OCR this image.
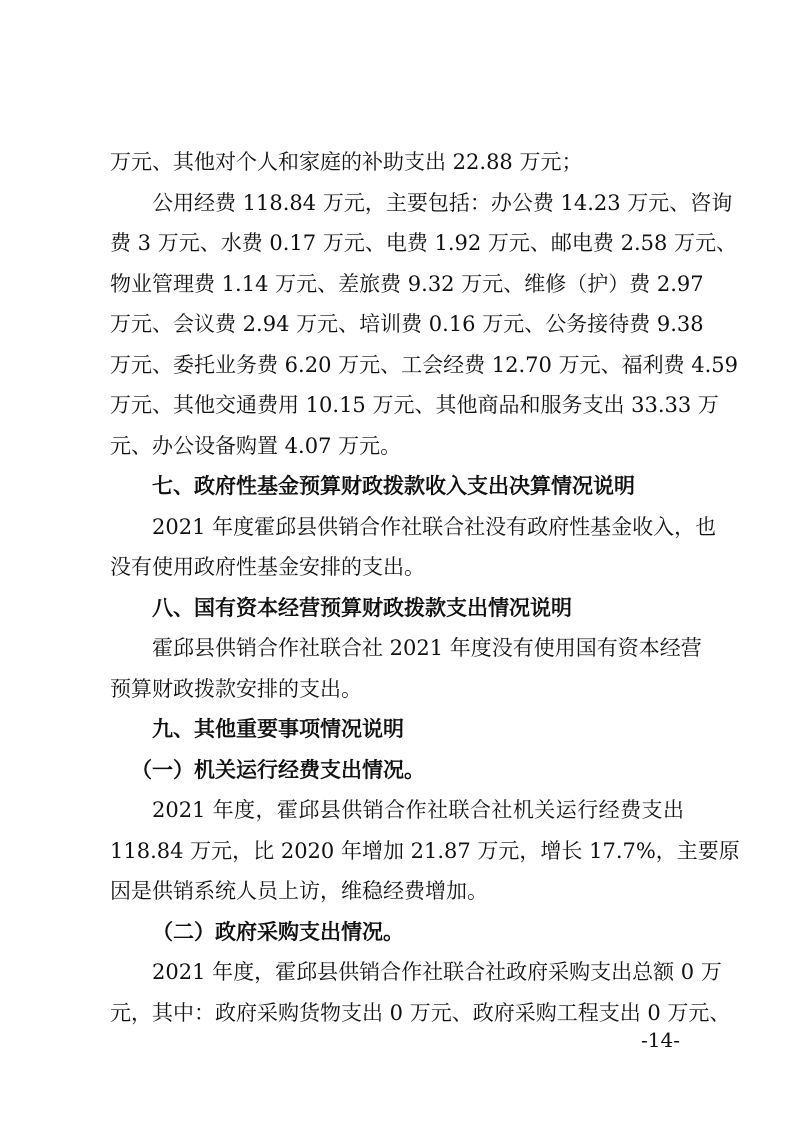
万元、其他对个人和家庭的补助支出 22.88 万元；

公用经费 118.84 万元，主要包括：办公费 14.23 万元、咨询

费 3 万元、水费 0.17 万元、电费 1.92 万元、邮电费 2.58 万元、

物业管理费 1.14 万元、差旅费 9.32 万元、维修（护）费 2.97

万元、会议费 2.94 万元、培训费 0.16 万元、公务接待费 9.38

万元、委托业务费 6.20 万元、工会经费 12.70 万元、福利费 4.59

万元、其他交通费用 10.15 万元、其他商品和服务支出 33.33 万

元、办公设备购置 4.07 万元。

七、政府性基金预算财政拨款收入支出决算情况说明

2021 年度霍邱县供销合作社联合社没有政府性基金收入，也

没有使用政府性基金安排的支出。

八、国有资本经营预算财政拨款支出情况说明

霍邱县供销合作社联合社 2021 年度没有使用国有资本经营

预算财政拨款安排的支出。

九、其他重要事项情况说明

（一）机关运行经费支出情况。

2021 年度，霍邱县供销合作社联合社机关运行经费支出

118.84 万元，比 2020 年增加 21.87 万元，增长 17.7%，主要原

因是供销系统人员上访，维稳经费增加。

（二）政府采购支出情况。

2021 年度，霍邱县供销合作社联合社政府采购支出总额 0 万

元，其中：政府采购货物支出 0 万元、政府采购工程支出 0 万元、

-14-
